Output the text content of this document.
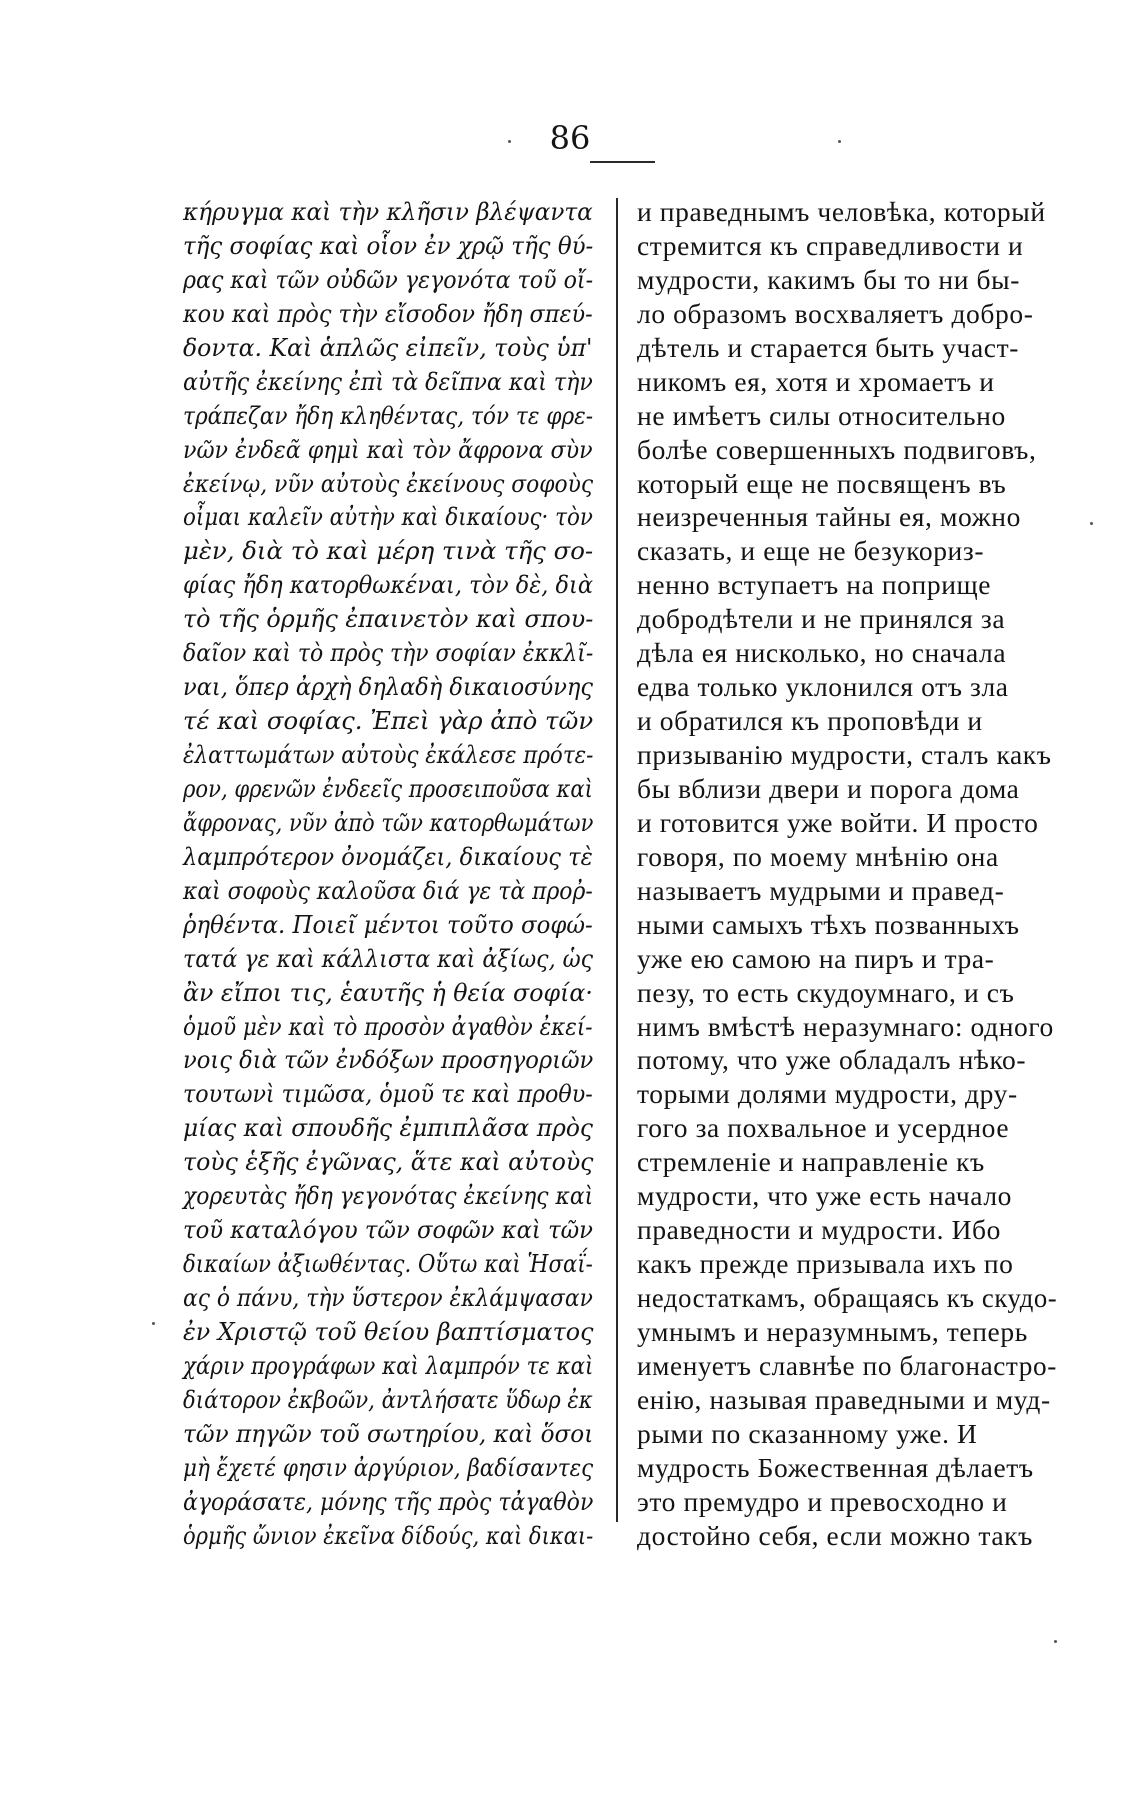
86
κήρυγμα καὶ τὴν κλῆσιν βλέψαντα
τῆς σοφίας καὶ οἷον ἐν χρῷ τῆς θύ-
ρας καὶ τῶν οὐδῶν γεγονότα τοῦ οἴ-
κου καὶ πρὸς τὴν εἴσοδον ἤδη σπεύ-
δοντα. Καὶ ἁπλῶς εἰπεῖν, τοὺς ὑπ'
αὐτῆς ἐκείνης ἐπὶ τὰ δεῖπνα καὶ τὴν
τράπεζαν ἤδη κληθέντας, τόν τε φρε-
νῶν ἐνδεᾶ φημὶ καὶ τὸν ἄφρονα σὺν
ἐκείνῳ, νῦν αὐτοὺς ἐκείνους σοφοὺς
οἶμαι καλεῖν αὐτὴν καὶ δικαίους· τὸν
μὲν, διὰ τὸ καὶ μέρη τινὰ τῆς σο-
φίας ἤδη κατορθωκέναι, τὸν δὲ, διὰ
τὸ τῆς ὁρμῆς ἐπαινετὸν καὶ σπου-
δαῖον καὶ τὸ πρὸς τὴν σοφίαν ἐκκλῖ-
ναι, ὅπερ ἀρχὴ δηλαδὴ δικαιοσύνης
τέ καὶ σοφίας. Ἐπεὶ γὰρ ἀπὸ τῶν
ἐλαττωμάτων αὐτοὺς ἐκάλεσε πρότε-
ρον, φρενῶν ἐνδεεῖς προσειποῦσα καὶ
ἄφρονας, νῦν ἀπὸ τῶν κατορθωμάτων
λαμπρότερον ὀνομάζει, δικαίους τὲ
καὶ σοφοὺς καλοῦσα διά γε τὰ προῤ-
ῥηθέντα. Ποιεῖ μέντοι τοῦτο σοφώ-
τατά γε καὶ κάλλιστα καὶ ἀξίως, ὡς
ἂν εἴποι τις, ἑαυτῆς ἡ θεία σοφία·
ὁμοῦ μὲν καὶ τὸ προσὸν ἀγαθὸν ἐκεί-
νοις διὰ τῶν ἐνδόξων προσηγοριῶν
τουτωνὶ τιμῶσα, ὁμοῦ τε καὶ προθυ-
μίας καὶ σπουδῆς ἐμπιπλᾶσα πρὸς
τοὺς ἑξῆς ἐγῶνας, ἅτε καὶ αὐτοὺς
χορευτὰς ἤδη γεγονότας ἐκείνης καὶ
τοῦ καταλόγου τῶν σοφῶν καὶ τῶν
δικαίων ἀξιωθέντας. Οὕτω καὶ Ἡσαΐ-
ας ὁ πάνυ, τὴν ὕστερον ἐκλάμψασαν
ἐν Χριστῷ τοῦ θείου βαπτίσματος
χάριν προγράφων καὶ λαμπρόν τε καὶ
διάτορον ἐκβοῶν, ἀντλήσατε ὕδωρ ἐκ
τῶν πηγῶν τοῦ σωτηρίου, καὶ ὅσοι
μὴ ἔχετέ φησιν ἀργύριον, βαδίσαντες
ἀγοράσατε, μόνης τῆς πρὸς τἀγαθὸν
ὁρμῆς ὤνιον ἐκεῖνα δίδούς, καὶ δικαι-
и праведнымъ человѣка, который
стремится къ справедливости и
мудрости, какимъ бы то ни бы-
ло образомъ восхваляетъ добро-
дѣтель и старается быть участ-
никомъ ея, хотя и хромаетъ и
не имѣетъ силы относительно
болѣе совершенныхъ подвиговъ,
который еще не посвященъ въ
неизреченныя тайны ея, можно
сказать, и еще не безукориз-
ненно вступаетъ на поприще
добродѣтели и не принялся за
дѣла ея нисколько, но сначала
едва только уклонился отъ зла
и обратился къ проповѣди и
призыванію мудрости, сталъ какъ
бы вблизи двери и порога дома
и готовится уже войти. И просто
говоря, по моему мнѣнію она
называетъ мудрыми и правед-
ными самыхъ тѣхъ позванныхъ
уже ею самою на пиръ и тра-
пезу, то есть скудоумнаго, и съ
нимъ вмѣстѣ неразумнаго: одного
потому, что уже обладалъ нѣко-
торыми долями мудрости, дру-
гого за похвальное и усердное
стремленіе и направленіе къ
мудрости, что уже есть начало
праведности и мудрости. Ибо
какъ прежде призывала ихъ по
недостаткамъ, обращаясь къ скудо-
умнымъ и неразумнымъ, теперь
именуетъ славнѣе по благонастро-
енію, называя праведными и муд-
рыми по сказанному уже. И
мудрость Божественная дѣлаетъ
это премудро и превосходно и
достойно себя, если можно такъ
